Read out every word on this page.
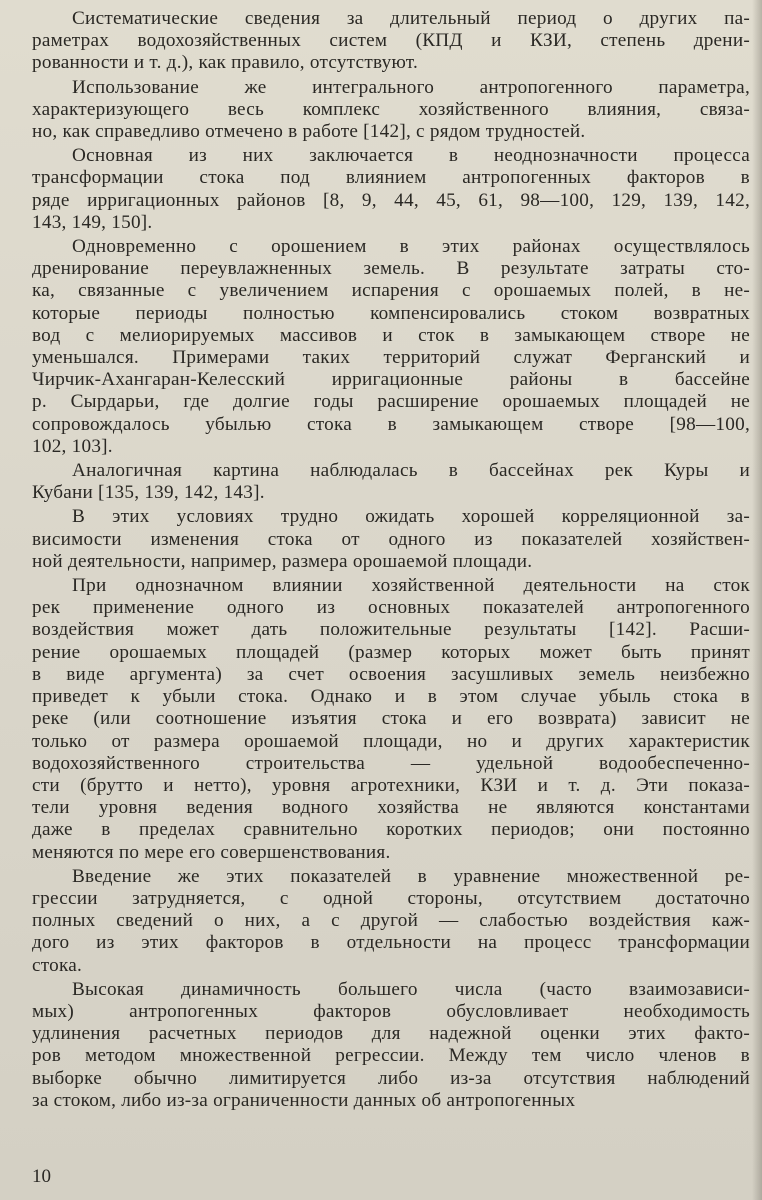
Систематические сведения за длительный период о других па-
раметрах водохозяйственных систем (КПД и КЗИ, степень дрени-
рованности и т. д.), как правило, отсутствуют.
Использование же интегрального антропогенного параметра,
характеризующего весь комплекс хозяйственного влияния, связа-
но, как справедливо отмечено в работе [142], с рядом трудностей.
Основная из них заключается в неоднозначности процесса
трансформации стока под влиянием антропогенных факторов в
ряде ирригационных районов [8, 9, 44, 45, 61, 98—100, 129, 139, 142,
143, 149, 150].
Одновременно с орошением в этих районах осуществлялось
дренирование переувлажненных земель. В результате затраты сто-
ка, связанные с увеличением испарения с орошаемых полей, в не-
которые периоды полностью компенсировались стоком возвратных
вод с мелиорируемых массивов и сток в замыкающем створе не
уменьшался. Примерами таких территорий служат Ферганский и
Чирчик-Ахангаран-Келесский ирригационные районы в бассейне
р. Сырдарьи, где долгие годы расширение орошаемых площадей не
сопровождалось убылью стока в замыкающем створе [98—100,
102, 103].
Аналогичная картина наблюдалась в бассейнах рек Куры и
Кубани [135, 139, 142, 143].
В этих условиях трудно ожидать хорошей корреляционной за-
висимости изменения стока от одного из показателей хозяйствен-
ной деятельности, например, размера орошаемой площади.
При однозначном влиянии хозяйственной деятельности на сток
рек применение одного из основных показателей антропогенного
воздействия может дать положительные результаты [142]. Расши-
рение орошаемых площадей (размер которых может быть принят
в виде аргумента) за счет освоения засушливых земель неизбежно
приведет к убыли стока. Однако и в этом случае убыль стока в
реке (или соотношение изъятия стока и его возврата) зависит не
только от размера орошаемой площади, но и других характеристик
водохозяйственного строительства — удельной водообеспеченно-
сти (брутто и нетто), уровня агротехники, КЗИ и т. д. Эти показа-
тели уровня ведения водного хозяйства не являются константами
даже в пределах сравнительно коротких периодов; они постоянно
меняются по мере его совершенствования.
Введение же этих показателей в уравнение множественной ре-
грессии затрудняется, с одной стороны, отсутствием достаточно
полных сведений о них, а с другой — слабостью воздействия каж-
дого из этих факторов в отдельности на процесс трансформации
стока.
Высокая динамичность большего числа (часто взаимозависи-
мых) антропогенных факторов обусловливает необходимость
удлинения расчетных периодов для надежной оценки этих факто-
ров методом множественной регрессии. Между тем число членов в
выборке обычно лимитируется либо из-за отсутствия наблюдений
за стоком, либо из-за ограниченности данных об антропогенных
10
